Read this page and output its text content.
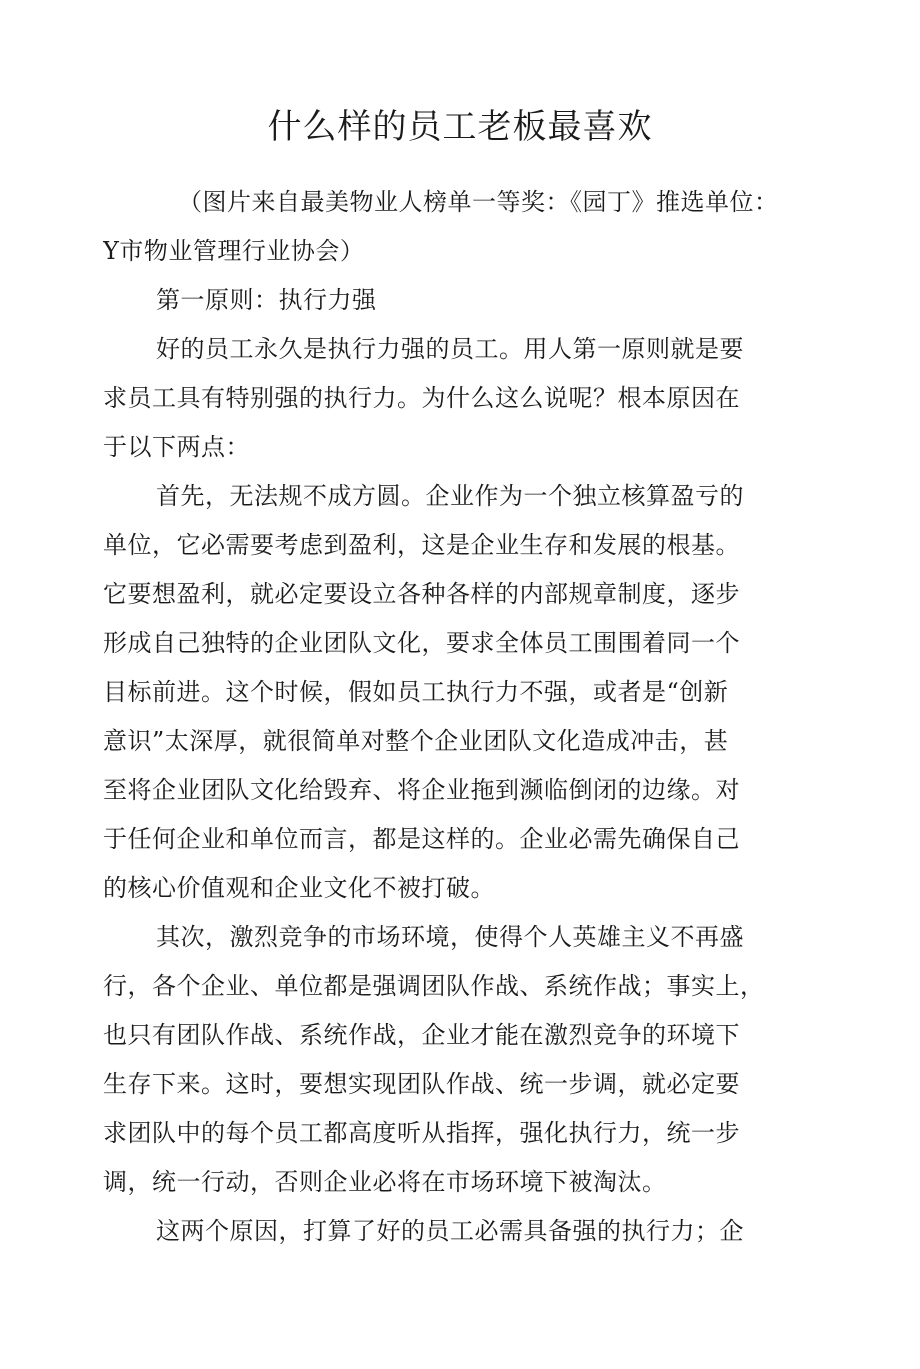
什么样的员工老板最喜欢
（图片来自最美物业人榜单一等奖：《园丁》推选单位：
Y市物业管理行业协会）
第一原则：执行力强
好的员工永久是执行力强的员工。用人第一原则就是要
求员工具有特别强的执行力。为什么这么说呢？根本原因在
于以下两点：
首先，无法规不成方圆。企业作为一个独立核算盈亏的
单位，它必需要考虑到盈利，这是企业生存和发展的根基。
它要想盈利，就必定要设立各种各样的内部规章制度，逐步
形成自己独特的企业团队文化，要求全体员工围围着同一个
目标前进。这个时候，假如员工执行力不强，或者是“创新
意识”太深厚，就很简单对整个企业团队文化造成冲击，甚
至将企业团队文化给毁弃、将企业拖到濒临倒闭的边缘。对
于任何企业和单位而言，都是这样的。企业必需先确保自己
的核心价值观和企业文化不被打破。
其次，激烈竞争的市场环境，使得个人英雄主义不再盛
行，各个企业、单位都是强调团队作战、系统作战；事实上，
也只有团队作战、系统作战，企业才能在激烈竞争的环境下
生存下来。这时，要想实现团队作战、统一步调，就必定要
求团队中的每个员工都高度听从指挥，强化执行力，统一步
调，统一行动，否则企业必将在市场环境下被淘汰。
这两个原因，打算了好的员工必需具备强的执行力；企
